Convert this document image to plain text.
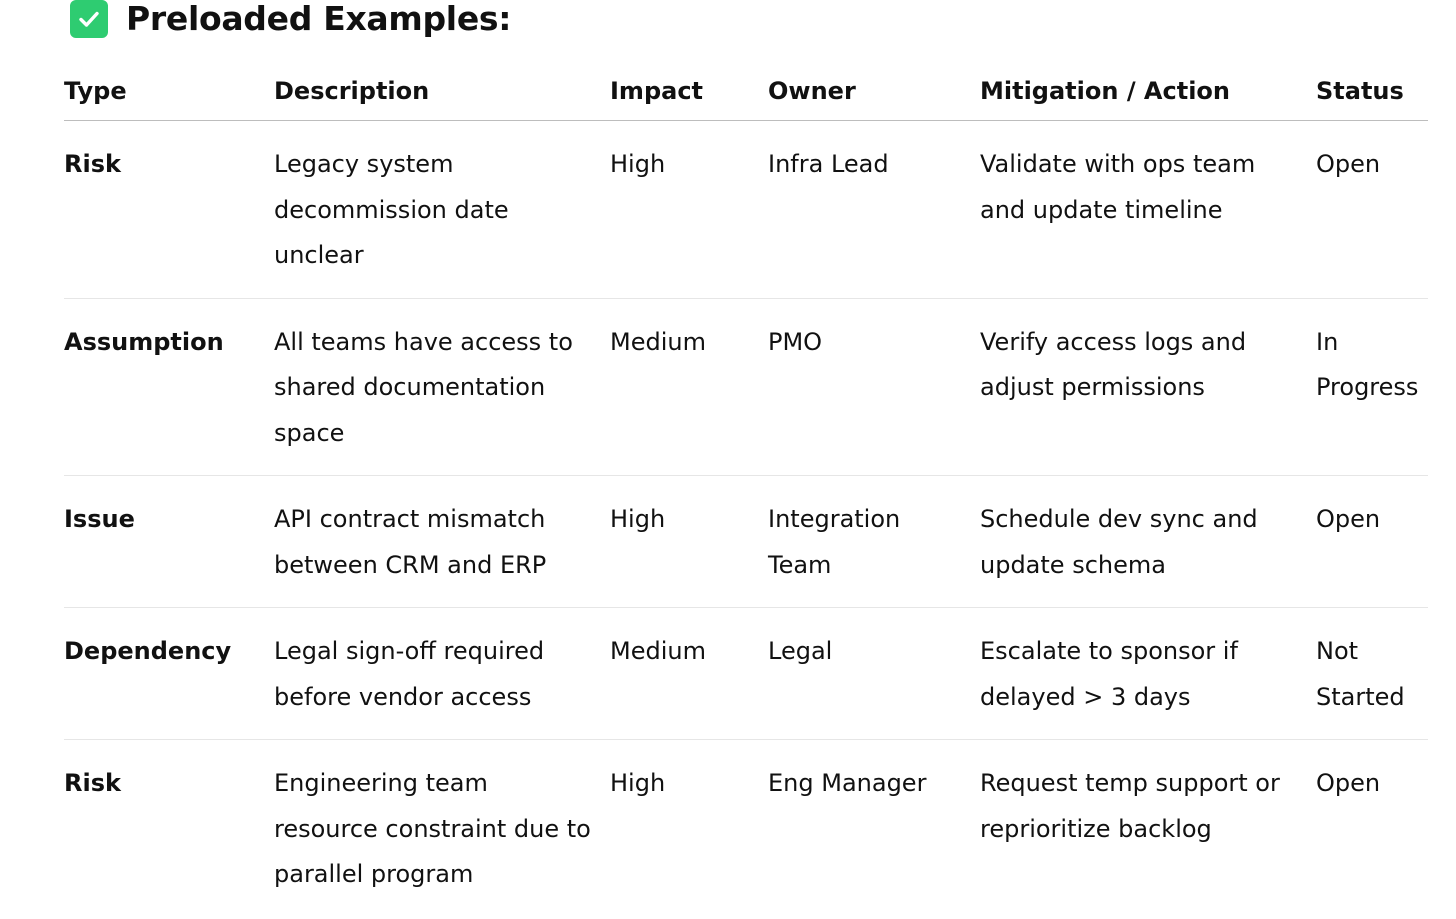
Preloaded Examples:
Type	Description	Impact	Owner	Mitigation / Action	Status
Risk	Legacy system decommission date unclear	High	Infra Lead	Validate with ops team and update timeline	Open
Assumption	All teams have access to shared documentation space	Medium	PMO	Verify access logs and adjust permissions	In Progress
Issue	API contract mismatch between CRM and ERP	High	Integration Team	Schedule dev sync and update schema	Open
Dependency	Legal sign-off required before vendor access	Medium	Legal	Escalate to sponsor if delayed > 3 days	Not Started
Risk	Engineering team resource constraint due to parallel program	High	Eng Manager	Request temp support or reprioritize backlog	Open
